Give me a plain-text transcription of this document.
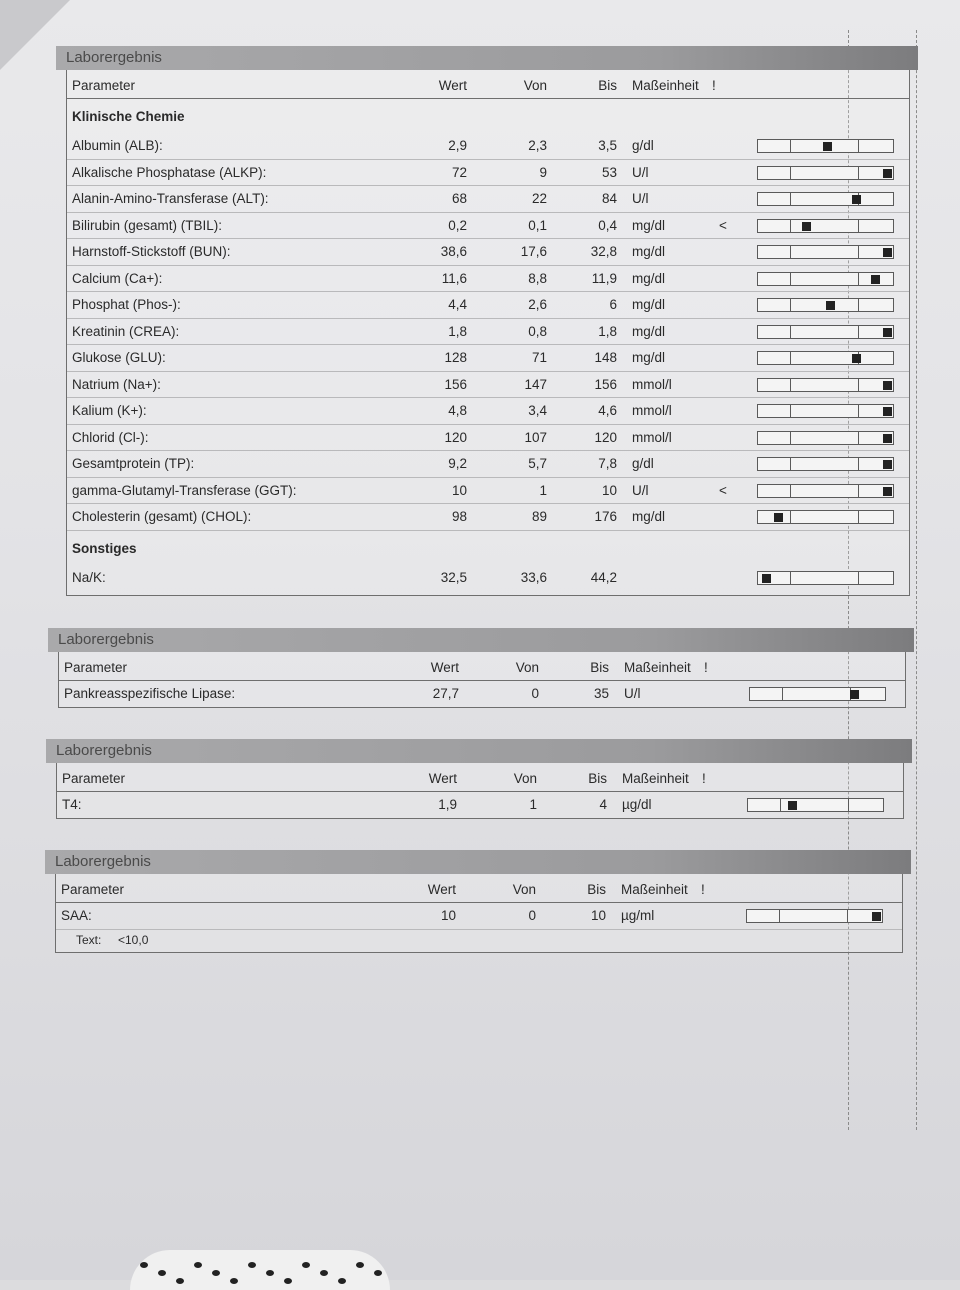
Laborergebnis
Parameter	Wert	Von	Bis Maßeinheit !
Klinische Chemie
Albumin (ALB):	2,9	2,3	3,5 g/dl
Alkalische Phosphatase (ALKP):	72	9	53 U/l
Alanin-Amino-Transferase (ALT):	68	22	84 U/l
Bilirubin (gesamt) (TBIL):	0,2	0,1	0,4 mg/dl	<
Harnstoff-Stickstoff (BUN):	38,6	17,6	32,8 mg/dl
Calcium (Ca+):	11,6	8,8	11,9 mg/dl
Phosphat (Phos-):	4,4	2,6	6 mg/dl
Kreatinin (CREA):	1,8	0,8	1,8 mg/dl
Glukose (GLU):	128	71	148 mg/dl
Natrium (Na+):	156	147	156 mmol/l
Kalium (K+):	4,8	3,4	4,6 mmol/l
Chlorid (Cl-):	120	107	120 mmol/l
Gesamtprotein (TP):	9,2	5,7	7,8 g/dl
gamma-Glutamyl-Transferase (GGT):	10	1	10 U/l	<
Cholesterin (gesamt) (CHOL):	98	89	176 mg/dl
Sonstiges
Na/K:	32,5	33,6	44,2
Laborergebnis
Parameter	Wert	Von	Bis Maßeinheit !
Pankreasspezifische Lipase:	27,7	0	35 U/l
Laborergebnis
Parameter	Wert	Von	Bis Maßeinheit !
T4:	1,9	1	4 µg/dl
Laborergebnis
Parameter	Wert	Von	Bis Maßeinheit !
SAA:	10	0	10 µg/ml
Text: <10,0
